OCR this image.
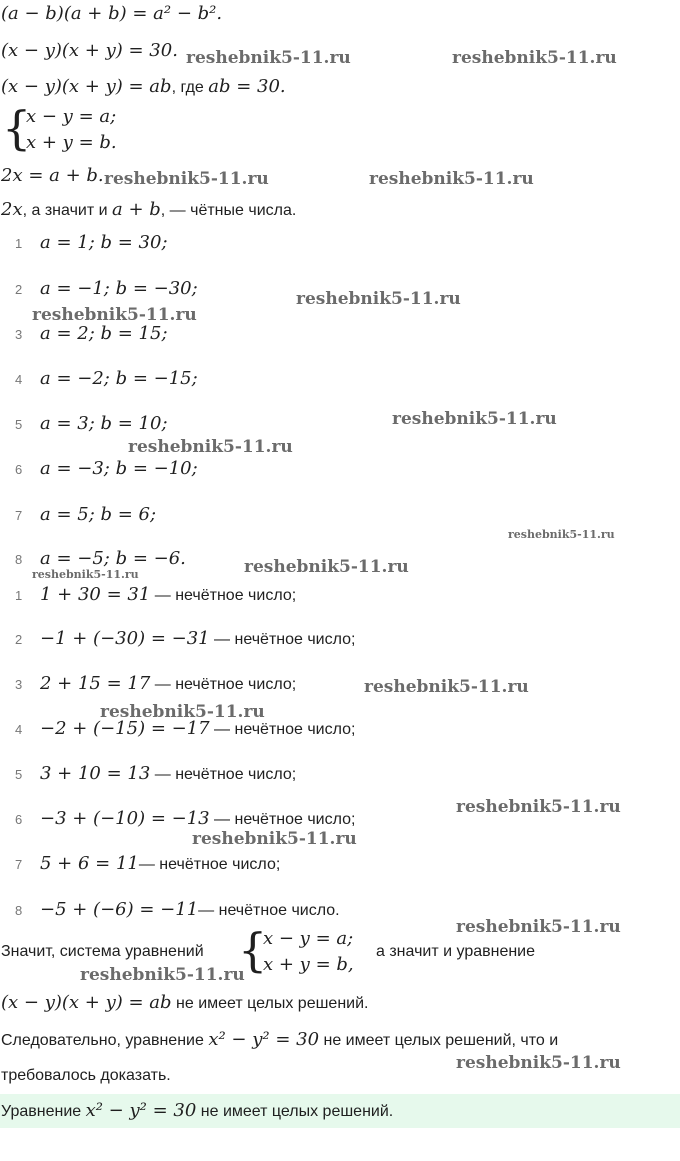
(a − b)(a + b) = a² − b².
(x − y)(x + y) = 30.
(x − y)(x + y) = ab, где ab = 30.
{
x − y = a;
x + y = b.
2x = a + b.
2x, а значит и a + b, — чётные числа.
1 a = 1; b = 30;
2 a = −1; b = −30;
3 a = 2; b = 15;
4 a = −2; b = −15;
5 a = 3; b = 10;
6 a = −3; b = −10;
7 a = 5; b = 6;
8 a = −5; b = −6.
1 1 + 30 = 31 — нечётное число;
2 −1 + (−30) = −31 — нечётное число;
3 2 + 15 = 17 — нечётное число;
4 −2 + (−15) = −17 — нечётное число;
5 3 + 10 = 13 — нечётное число;
6 −3 + (−10) = −13 — нечётное число;
7 5 + 6 = 11— нечётное число;
8 −5 + (−6) = −11— нечётное число.
Значит, система уравнений {
x − y = a;
x + y = b,
а значит и уравнение
(x − y)(x + y) = ab не имеет целых решений.
Следовательно, уравнение x² − y² = 30 не имеет целых решений, что и
требовалось доказать.
Уравнение x² − y² = 30 не имеет целых решений.
reshebnik5-11.ru	reshebnik5-11.ru
reshebnik5-11.ru	reshebnik5-11.ru
reshebnik5-11.ru
reshebnik5-11.ru
reshebnik5-11.ru
reshebnik5-11.ru
reshebnik5-11.ru
reshebnik5-11.ru
reshebnik5-11.ru
reshebnik5-11.ru
reshebnik5-11.ru
reshebnik5-11.ru
reshebnik5-11.ru
reshebnik5-11.ru
reshebnik5-11.ru
reshebnik5-11.ru
